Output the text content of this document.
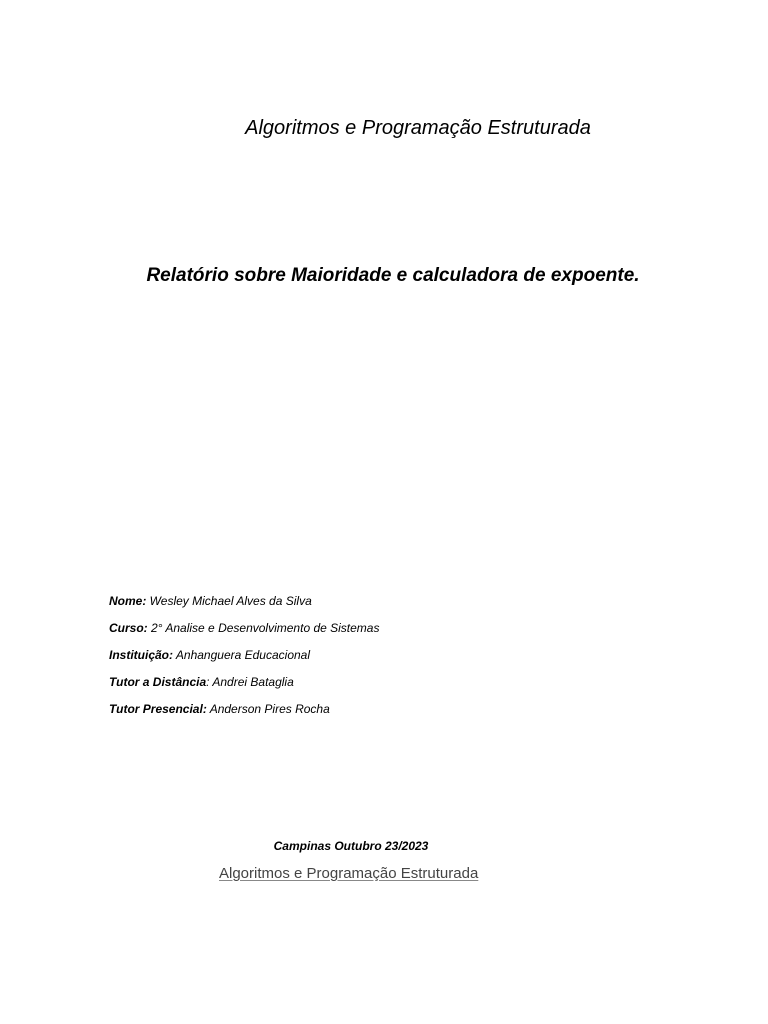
Algoritmos e Programação Estruturada
Relatório sobre Maioridade e calculadora de expoente.
Nome: Wesley Michael Alves da Silva
Curso: 2° Analise e Desenvolvimento de Sistemas
Instituição: Anhanguera Educacional
Tutor a Distância: Andrei Bataglia
Tutor Presencial: Anderson Pires Rocha
Campinas Outubro 23/2023
Algoritmos e Programação Estruturada
